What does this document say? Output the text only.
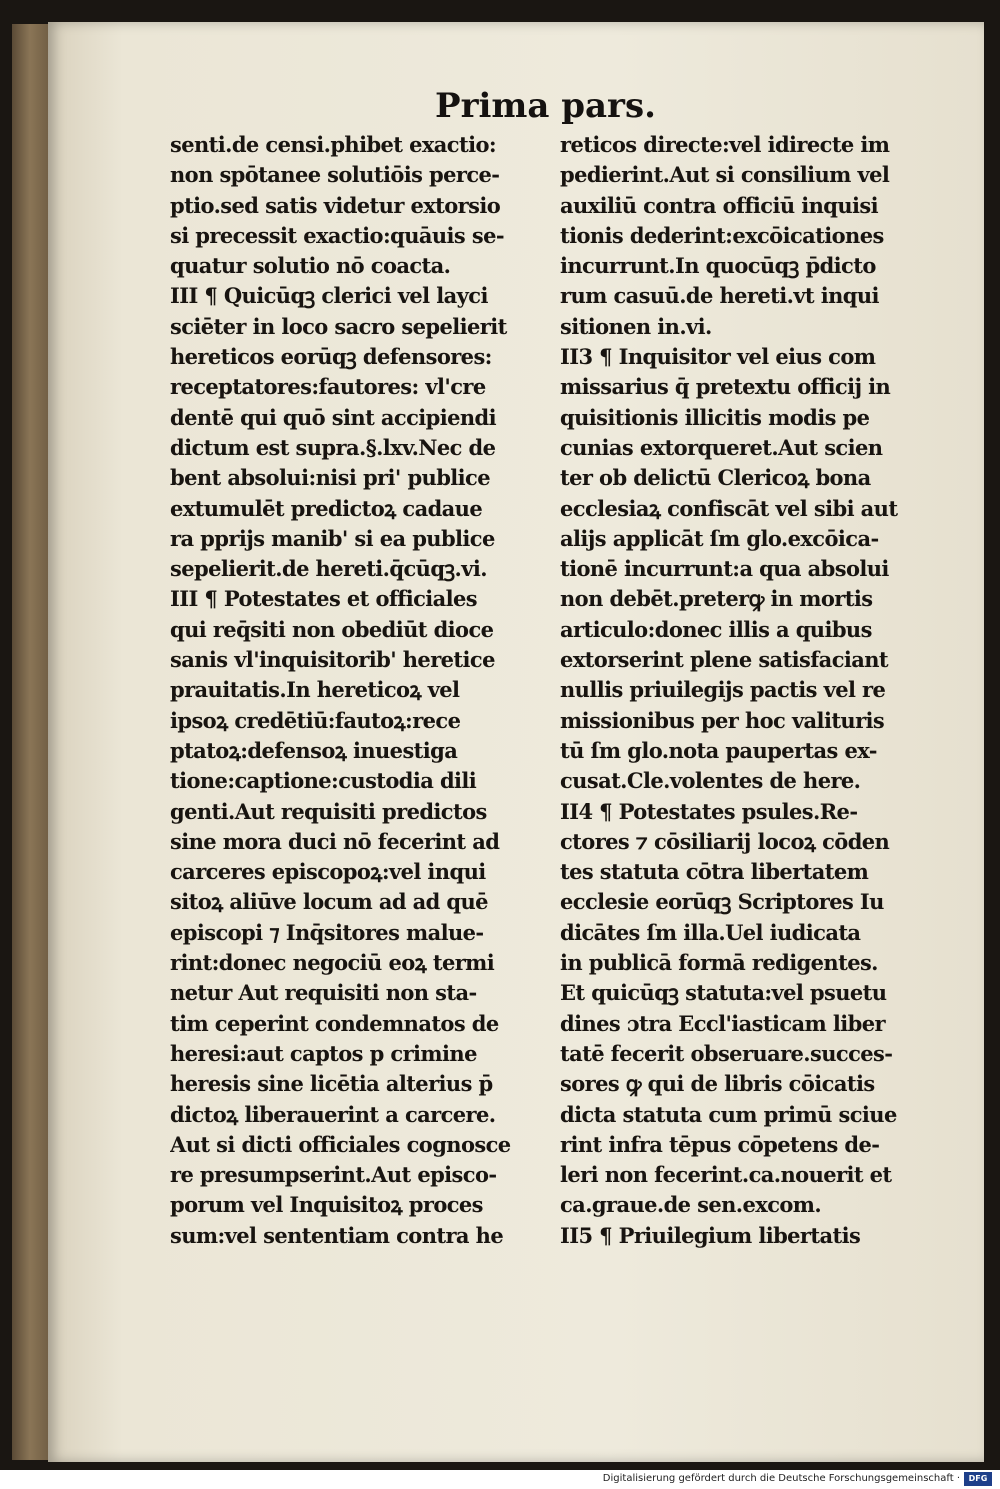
Prima pars.
senti.de censi.phibet exactio:
non spōtanee solutiōis perce-
ptio.sed satis videtur extorsio
si precessit exactio:quāuis se-
quatur solutio nō coacta.
III ¶ Quicūqꝫ clerici vel layci
sciēter in loco sacro sepelierit
hereticos eorūqꝫ defensores:
receptatores:fautores: vl'cre
dentē qui quō sint accipiendi
dictum est supra.§.lxv.Nec de
bent absolui:nisi pri' publice
extumulēt predictoꝝ cadaue
ra pprijs manib' si ea publice
sepelierit.de hereti.q̄cūqꝫ.vi.
III ¶ Potestates et officiales
qui req̄siti non obediūt dioce
sanis vl'inquisitorib' heretice
prauitatis.In hereticoꝝ vel
ipsoꝝ credētiū:fautoꝝ:rece
ptatoꝝ:defensoꝝ inuestiga
tione:captione:custodia dili
genti.Aut requisiti predictos
sine mora duci nō fecerint ad
carceres episcopoꝝ:vel inqui
sitoꝝ aliūve locum ad ad quē
episcopi ⁊ Inq̄sitores malue-
rint:donec negociū eoꝝ termi
netur Aut requisiti non sta-
tim ceperint condemnatos de
heresi:aut captos p crimine
heresis sine licētia alterius p̄
dictoꝝ liberauerint a carcere.
Aut si dicti officiales cognosce
re presumpserint.Aut episco-
porum vel Inquisitoꝝ proces
sum:vel sententiam contra he
reticos directe:vel idirecte im
pedierint.Aut si consilium vel
auxiliū contra officiū inquisi
tionis dederint:excōicationes
incurrunt.In quocūqꝫ p̄dicto
rum casuū.de hereti.vt inqui
sitionen in.vi.
II3 ¶ Inquisitor vel eius com
missarius q̄ pretextu officij in
quisitionis illicitis modis pe
cunias extorqueret.Aut scien
ter ob delictū Clericoꝝ bona
ecclesiaꝝ confiscāt vel sibi aut
alijs applicāt ſm glo.excōica-
tionē incurrunt:a qua absolui
non debēt.preterꝙ in mortis
articulo:donec illis a quibus
extorserint plene satisfaciant
nullis priuilegijs pactis vel re
missionibus per hoc valituris
tū ſm glo.nota paupertas ex-
cusat.Cle.volentes de here.
II4 ¶ Potestates psules.Re-
ctores ⁊ cōsiliarij locoꝝ cōden
tes statuta cōtra libertatem
ecclesie eorūqꝫ Scriptores Iu
dicātes ſm illa.Uel iudicata
in publicā formā redigentes.
Et quicūqꝫ statuta:vel psuetu
dines ɔtra Eccl'iasticam liber
tatē fecerit obseruare.succes-
sores ꝙ qui de libris cōicatis
dicta statuta cum primū sciue
rint infra tēpus cōpetens de-
leri non fecerint.ca.nouerit et
ca.graue.de sen.excom.
II5 ¶ Priuilegium libertatis
Digitalisierung gefördert durch die Deutsche Forschungsgemeinschaft ·	DFG
